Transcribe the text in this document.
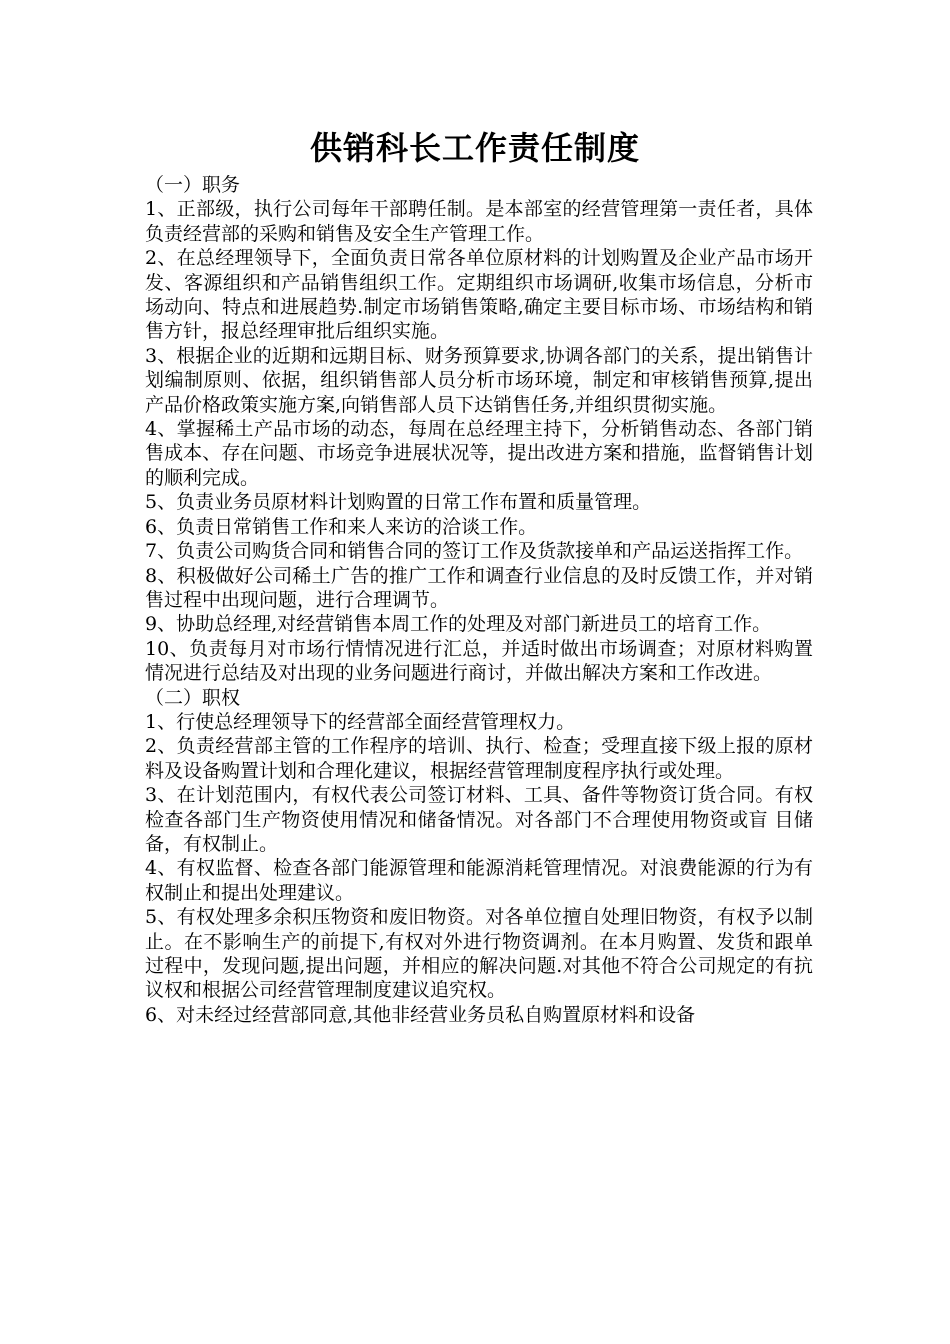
供销科长工作责任制度

（一）职务

1、正部级，执行公司每年干部聘任制。是本部室的经营管理第一责任者，具体负责经营部的采购和销售及安全生产管理工作。

2、在总经理领导下，全面负责日常各单位原材料的计划购置及企业产品市场开发、客源组织和产品销售组织工作。定期组织市场调研,收集市场信息，分析市场动向、特点和进展趋势.制定市场销售策略,确定主要目标市场、市场结构和销售方针，报总经理审批后组织实施。

3、根据企业的近期和远期目标、财务预算要求,协调各部门的关系，提出销售计划编制原则、依据，组织销售部人员分析市场环境，制定和审核销售预算,提出产品价格政策实施方案,向销售部人员下达销售任务,并组织贯彻实施。

4、掌握稀土产品市场的动态，每周在总经理主持下，分析销售动态、各部门销售成本、存在问题、市场竞争进展状况等，提出改进方案和措施，监督销售计划的顺利完成。

5、负责业务员原材料计划购置的日常工作布置和质量管理。

6、负责日常销售工作和来人来访的洽谈工作。

7、负责公司购货合同和销售合同的签订工作及货款接单和产品运送指挥工作。

8、积极做好公司稀土广告的推广工作和调查行业信息的及时反馈工作，并对销售过程中出现问题，进行合理调节。

9、协助总经理,对经营销售本周工作的处理及对部门新进员工的培育工作。

10、负责每月对市场行情情况进行汇总，并适时做出市场调查；对原材料购置情况进行总结及对出现的业务问题进行商讨，并做出解决方案和工作改进。

（二）职权

1、行使总经理领导下的经营部全面经营管理权力。

2、负责经营部主管的工作程序的培训、执行、检查；受理直接下级上报的原材料及设备购置计划和合理化建议，根据经营管理制度程序执行或处理。

3、在计划范围内，有权代表公司签订材料、工具、备件等物资订货合同。有权检查各部门生产物资使用情况和储备情况。对各部门不合理使用物资或盲 目储备，有权制止。

4、有权监督、检查各部门能源管理和能源消耗管理情况。对浪费能源的行为有权制止和提出处理建议。

5、有权处理多余积压物资和废旧物资。对各单位擅自处理旧物资，有权予以制止。在不影响生产的前提下,有权对外进行物资调剂。在本月购置、发货和跟单过程中，发现问题,提出问题，并相应的解决问题.对其他不符合公司规定的有抗议权和根据公司经营管理制度建议追究权。

6、对未经过经营部同意,其他非经营业务员私自购置原材料和设备
